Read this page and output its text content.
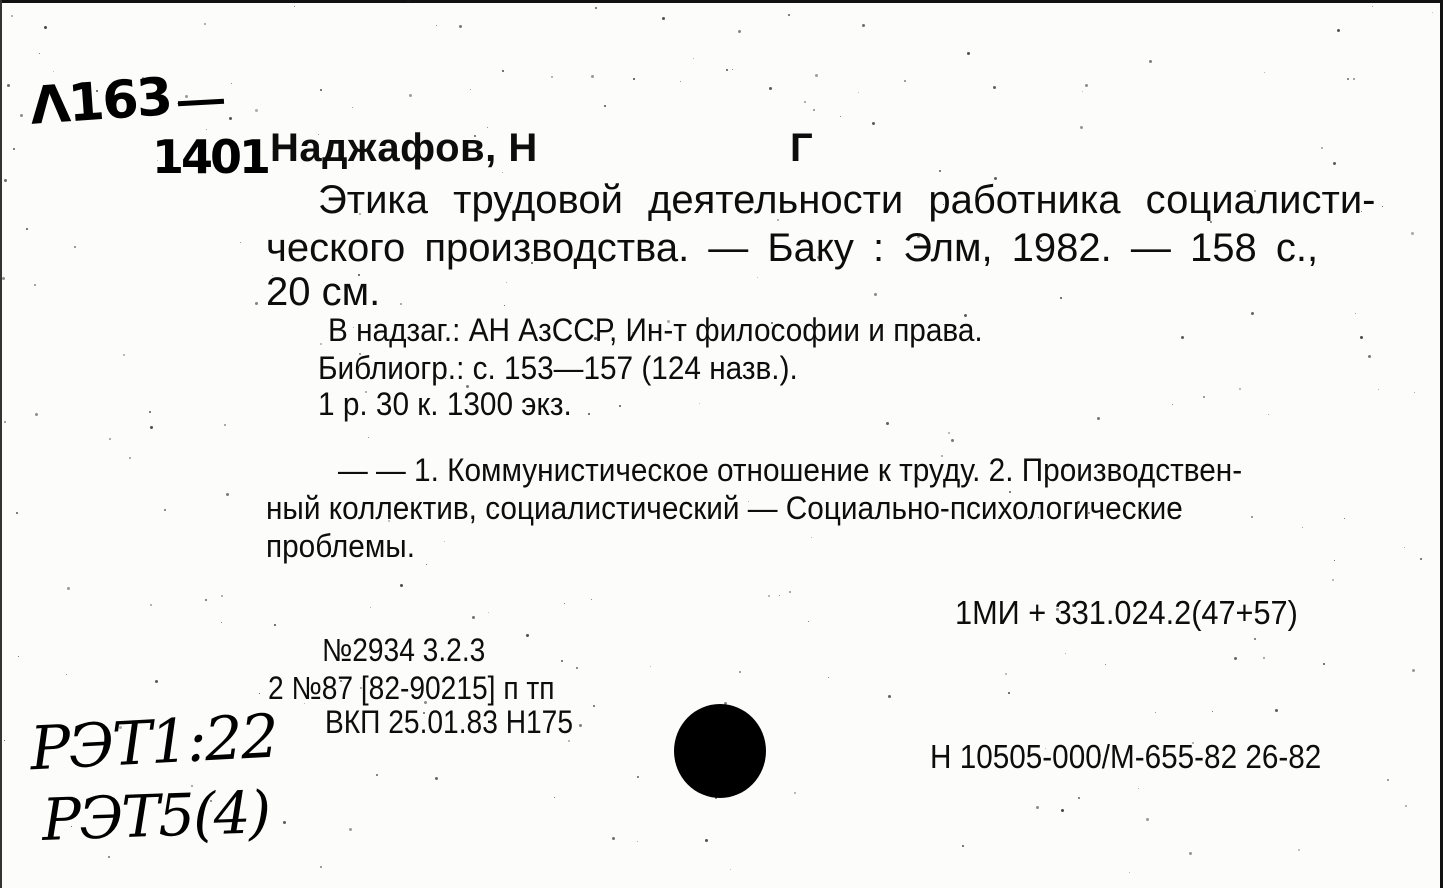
Λ163
1401 Наджафов, Н	Г
Этика трудовой деятельности работника социалисти-
ческого производства. — Баку : Элм, 1982. — 158 с.,
20 см.
В надзаг.: АН АзССР, Ин-т философии и права.
Библиогр.: с. 153—157 (124 назв.).
1 р. 30 к. 1300 экз.
— — 1. Коммунистическое отношение к труду. 2. Производствен-
ный коллектив, социалистический — Социально-психологические
проблемы.
1МИ + 331.024.2(47+57)
№2934 3.2.3
2 №87 [82-90215] п тп
ВКП 25.01.83 Н175
Н 10505-000/М-655-82 26-82
РЭТ1:22
РЭТ5(4)
